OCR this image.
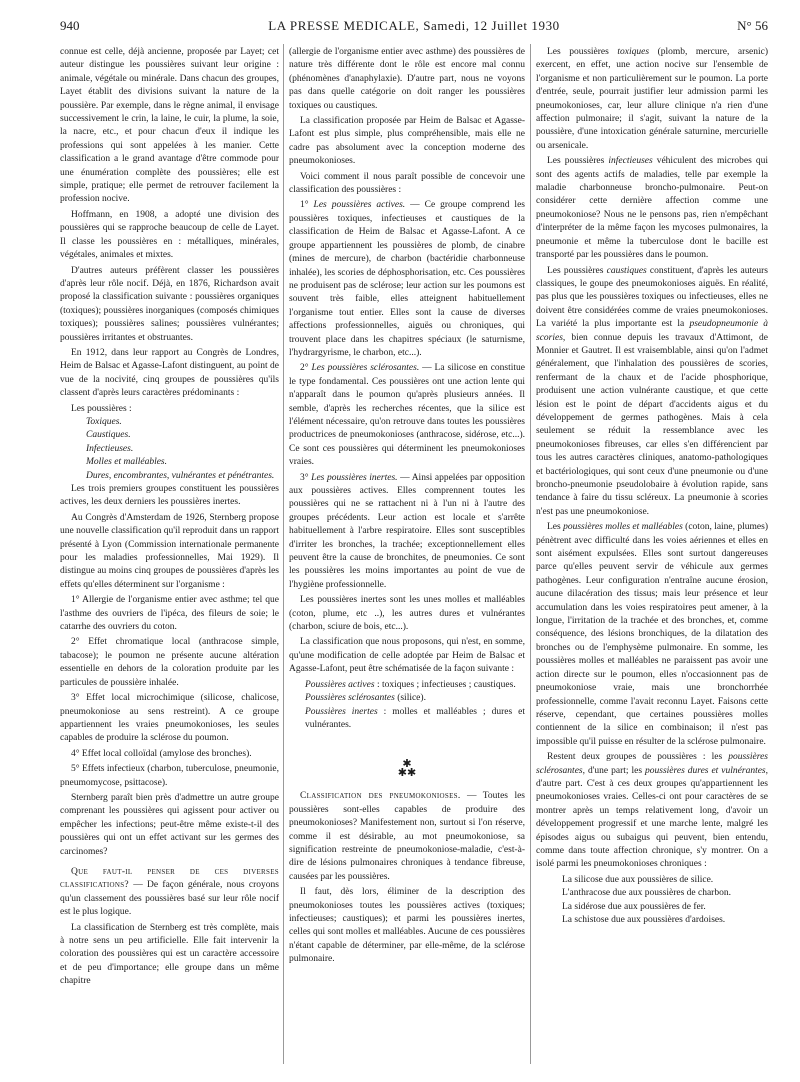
940	LA PRESSE MEDICALE, Samedi, 12 Juillet 1930	N° 56

connue est celle, déjà ancienne, proposée par Layet; cet auteur distingue les poussières suivant leur origine : animale, végétale ou minérale. Dans chacun des groupes, Layet établit des divisions suivant la nature de la poussière. Par exemple, dans le règne animal, il envisage successivement le crin, la laine, le cuir, la plume, la soie, la nacre, etc., et pour chacun d'eux il indique les professions qui sont appelées à les manier. Cette classification a le grand avantage d'être commode pour une énumération complète des poussières; elle est simple, pratique; elle permet de retrouver facilement la profession nocive.

Hoffmann, en 1908, a adopté une division des poussières qui se rapproche beaucoup de celle de Layet. Il classe les poussières en : métalliques, minérales, végétales, animales et mixtes.

D'autres auteurs préfèrent classer les poussières d'après leur rôle nocif. Déjà, en 1876, Richardson avait proposé la classification suivante : poussières organiques (toxiques); poussières inorganiques (composés chimiques toxiques); poussières salines; poussières vulnérantes; poussières irritantes et obstruantes.

En 1912, dans leur rapport au Congrès de Londres, Heim de Balsac et Agasse-Lafont distinguent, au point de vue de la nocivité, cinq groupes de poussières qu'ils classent d'après leurs caractères prédominants :

Les poussières :

Toxiques.

Caustiques.

Infectieuses.

Molles et malléables.

Dures, encombrantes, vulnérantes et pénétrantes.

Les trois premiers groupes constituent les poussières actives, les deux derniers les poussières inertes.

Au Congrès d'Amsterdam de 1926, Sternberg propose une nouvelle classification qu'il reproduit dans un rapport présenté à Lyon (Commission internationale permanente pour les maladies professionnelles, Mai 1929). Il distingue au moins cinq groupes de poussières d'après les effets qu'elles déterminent sur l'organisme :

1° Allergie de l'organisme entier avec asthme; tel que l'asthme des ouvriers de l'ipéca, des fileurs de soie; le catarrhe des ouvriers du coton.

2° Effet chromatique local (anthracose simple, tabacose); le poumon ne présente aucune altération essentielle en dehors de la coloration produite par les particules de poussière inhalée.

3° Effet local microchimique (silicose, chalicose, pneumokoniose au sens restreint). A ce groupe appartiennent les vraies pneumokonioses, les seules capables de produire la sclérose du poumon.

4° Effet local colloïdal (amylose des bronches).

5° Effets infectieux (charbon, tuberculose, pneumonie, pneumomycose, psittacose).

Sternberg paraît bien près d'admettre un autre groupe comprenant les poussières qui agissent pour activer ou empêcher les infections; peut-être même existe-t-il des poussières qui ont un effet activant sur les germes des carcinomes?

Que faut-il penser de ces diverses classifications? — De façon générale, nous croyons qu'un classement des poussières basé sur leur rôle nocif est le plus logique.

La classification de Sternberg est très complète, mais à notre sens un peu artificielle. Elle fait intervenir la coloration des poussières qui est un caractère accessoire et de peu d'importance; elle groupe dans un même chapitre

(allergie de l'organisme entier avec asthme) des poussières de nature très différente dont le rôle est encore mal connu (phénomènes d'anaphylaxie). D'autre part, nous ne voyons pas dans quelle catégorie on doit ranger les poussières toxiques ou caustiques.

La classification proposée par Heim de Balsac et Agasse-Lafont est plus simple, plus compréhensible, mais elle ne cadre pas absolument avec la conception moderne des pneumokonioses.

Voici comment il nous paraît possible de concevoir une classification des poussières :

1° Les poussières actives. — Ce groupe comprend les poussières toxiques, infectieuses et caustiques de la classification de Heim de Balsac et Agasse-Lafont. A ce groupe appartiennent les poussières de plomb, de cinabre (mines de mercure), de charbon (bactéridie charbonneuse inhalée), les scories de déphosphorisation, etc. Ces poussières ne produisent pas de sclérose; leur action sur les poumons est souvent très faible, elles atteignent habituellement l'organisme tout entier. Elles sont la cause de diverses affections professionnelles, aiguës ou chroniques, qui trouvent place dans les chapitres spéciaux (le saturnisme, l'hydrargyrisme, le charbon, etc...).

2° Les poussières sclérosantes. — La silicose en constitue le type fondamental. Ces poussières ont une action lente qui n'apparaît dans le poumon qu'après plusieurs années. Il semble, d'après les recherches récentes, que la silice est l'élément nécessaire, qu'on retrouve dans toutes les poussières productrices de pneumokonioses (anthracose, sidérose, etc...). Ce sont ces poussières qui déterminent les pneumokonioses vraies.

3° Les poussières inertes. — Ainsi appelées par opposition aux poussières actives. Elles comprennent toutes les poussières qui ne se rattachent ni à l'un ni à l'autre des groupes précédents. Leur action est locale et s'arrête habituellement à l'arbre respiratoire. Elles sont susceptibles d'irriter les bronches, la trachée; exceptionnellement elles peuvent être la cause de bronchites, de pneumonies. Ce sont les poussières les moins importantes au point de vue de l'hygiène professionnelle.

Les poussières inertes sont les unes molles et malléables (coton, plume, etc ..), les autres dures et vulnérantes (charbon, sciure de bois, etc...).

La classification que nous proposons, qui n'est, en somme, qu'une modification de celle adoptée par Heim de Balsac et Agasse-Lafont, peut être schématisée de la façon suivante :

Poussières actives : toxiques ; infectieuses ; caustiques.

Poussières sclérosantes (silice).

Poussières inertes : molles et malléables ; dures et vulnérantes.

✱
✱✱

Classification des pneumokonioses. — Toutes les poussières sont-elles capables de produire des pneumokonioses? Manifestement non, surtout si l'on réserve, comme il est désirable, au mot pneumokoniose, sa signification restreinte de pneumokoniose-maladie, c'est-à-dire de lésions pulmonaires chroniques à tendance fibreuse, causées par les poussières.

Il faut, dès lors, éliminer de la description des pneumokonioses toutes les poussières actives (toxiques; infectieuses; caustiques); et parmi les poussières inertes, celles qui sont molles et malléables. Aucune de ces poussières n'étant capable de déterminer, par elle-même, de la sclérose pulmonaire.

Les poussières toxiques (plomb, mercure, arsenic) exercent, en effet, une action nocive sur l'ensemble de l'organisme et non particulièrement sur le poumon. La porte d'entrée, seule, pourrait justifier leur admission parmi les pneumokonioses, car, leur allure clinique n'a rien d'une affection pulmonaire; il s'agit, suivant la nature de la poussière, d'une intoxication générale saturnine, mercurielle ou arsenicale.

Les poussières infectieuses véhiculent des microbes qui sont des agents actifs de maladies, telle par exemple la maladie charbonneuse broncho-pulmonaire. Peut-on considérer cette dernière affection comme une pneumokoniose? Nous ne le pensons pas, rien n'empêchant d'interpréter de la même façon les mycoses pulmonaires, la pneumonie et même la tuberculose dont le bacille est transporté par les poussières dans le poumon.

Les poussières caustiques constituent, d'après les auteurs classiques, le goupe des pneumokonioses aiguës. En réalité, pas plus que les poussières toxiques ou infectieuses, elles ne doivent être considérées comme de vraies pneumokonioses. La variété la plus importante est la pseudopneumonie à scories, bien connue depuis les travaux d'Attimont, de Monnier et Gautret. Il est vraisemblable, ainsi qu'on l'admet généralement, que l'inhalation des poussières de scories, renfermant de la chaux et de l'acide phosphorique, produisent une action vulnérante caustique, et que cette lésion est le point de départ d'accidents aigus et du développement de germes pathogènes. Mais à cela seulement se réduit la ressemblance avec les pneumokonioses fibreuses, car elles s'en différencient par tous les autres caractères cliniques, anatomo-pathologiques et bactériologiques, qui sont ceux d'une pneumonie ou d'une broncho-pneumonie pseudolobaire à évolution rapide, sans tendance à faire du tissu scléreux. La pneumonie à scories n'est pas une pneumokoniose.

Les poussières molles et malléables (coton, laine, plumes) pénètrent avec difficulté dans les voies aériennes et elles en sont aisément expulsées. Elles sont surtout dangereuses parce qu'elles peuvent servir de véhicule aux germes pathogènes. Leur configuration n'entraîne aucune érosion, aucune dilacération des tissus; mais leur présence et leur accumulation dans les voies respiratoires peut amener, à la longue, l'irritation de la trachée et des bronches, et, comme conséquence, des lésions bronchiques, de la dilatation des bronches ou de l'emphysème pulmonaire. En somme, les poussières molles et malléables ne paraissent pas avoir une action directe sur le poumon, elles n'occasionnent pas de pneumokoniose vraie, mais une bronchorrhée professionnelle, comme l'avait reconnu Layet. Faisons cette réserve, cependant, que certaines poussières molles contiennent de la silice en combinaison; il n'est pas impossible qu'il puisse en résulter de la sclérose pulmonaire.

Restent deux groupes de poussières : les poussières sclérosantes, d'une part; les poussières dures et vulnérantes, d'autre part. C'est à ces deux groupes qu'appartiennent les pneumokonioses vraies. Celles-ci ont pour caractères de se montrer après un temps relativement long, d'avoir un développement progressif et une marche lente, malgré les épisodes aigus ou subaigus qui peuvent, bien entendu, comme dans toute affection chronique, s'y montrer. On a isolé parmi les pneumokonioses chroniques :

La silicose due aux poussières de silice.

L'anthracose due aux poussières de charbon.

La sidérose due aux poussières de fer.

La schistose due aux poussières d'ardoises.
